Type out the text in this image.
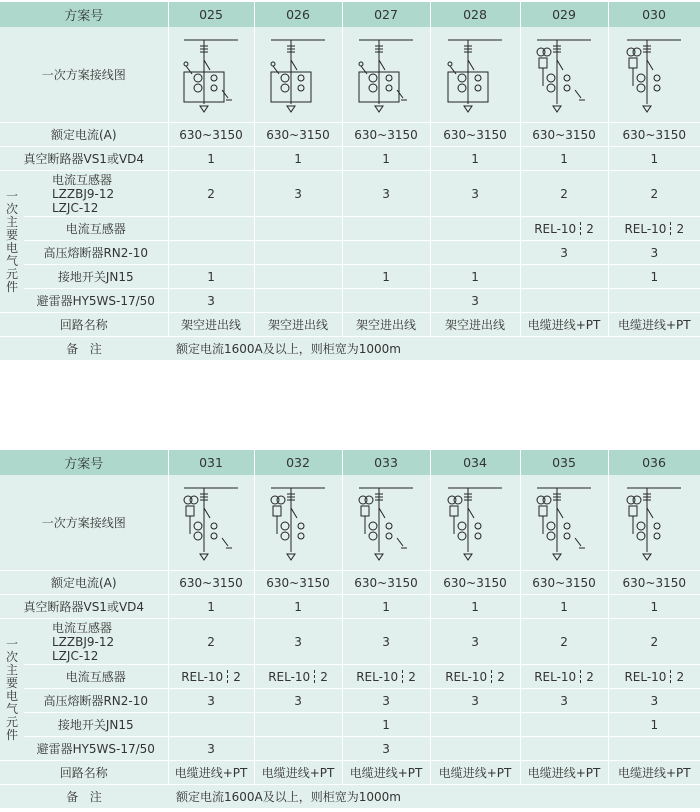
方案号		025	026	027	028	029	030
一次方案接线图	

额定电流(A)		630~3150	630~3150	630~3150	630~3150	630~3150	630~3150
真空断路器VS1或VD4		1	1	1	1	1	1
一次主要电气元件	电流互感器
LZZBJ9-12
LZJC-12	2	3	3	3	2	2
	电流互感器					REL-10 2	REL-10 2

	高压熔断器RN2-10					3	3
	接地开关JN15	1		1	1		1
	避雷器HY5WS-17/50	3			3		
回路名称		架空进出线	架空进出线	架空进出线	架空进出线	电缆进线+PT	电缆进线+PT
备   注		额定电流1600A及以上，则柜宽为1000m					
方案号		031	032	033	034	035	036
一次方案接线图	

额定电流(A)		630~3150	630~3150	630~3150	630~3150	630~3150	630~3150
真空断路器VS1或VD4		1	1	1	1	1	1
一次主要电气元件	电流互感器
LZZBJ9-12
LZJC-12	2	3	3	3	2	2
	电流互感器	REL-10 2	REL-10 2	REL-10 2	REL-10 2	REL-10 2	REL-10 2

	高压熔断器RN2-10	3	3	3	3	3	3
	接地开关JN15			1			1
	避雷器HY5WS-17/50	3		3			
回路名称		电缆进线+PT	电缆进线+PT	电缆进线+PT	电缆进线+PT	电缆进线+PT	电缆进线+PT
备   注		额定电流1600A及以上，则柜宽为1000m					
